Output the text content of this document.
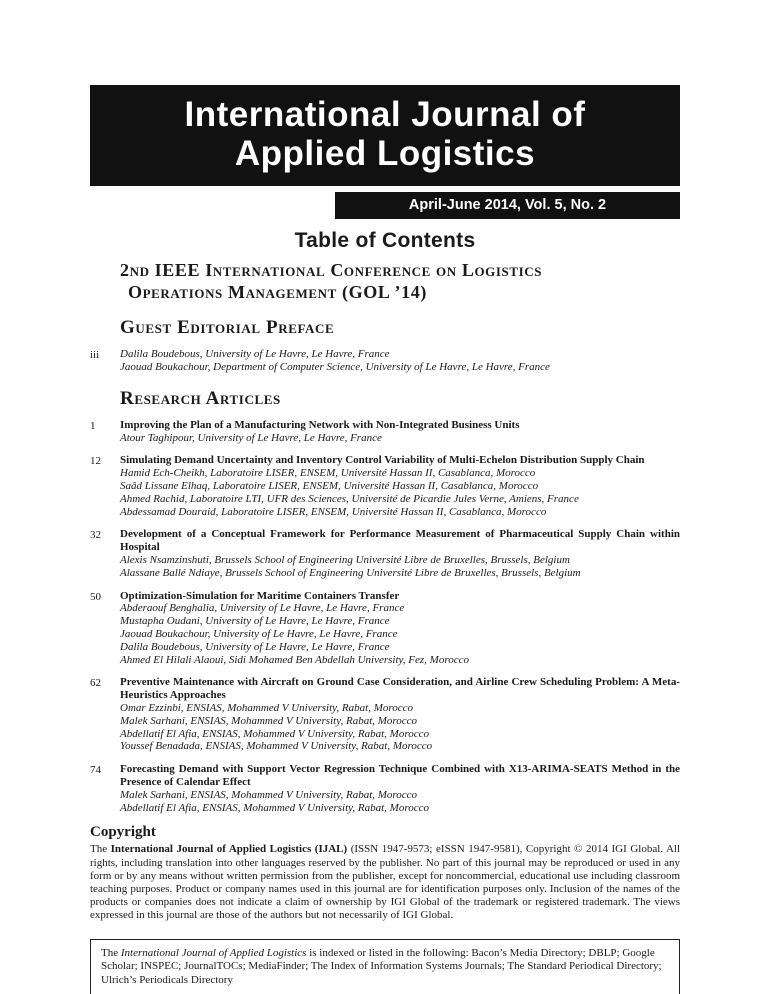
International Journal of
Applied Logistics
April-June 2014, Vol. 5, No. 2
Table of Contents
2nd IEEE International Conference on Logistics
Operations Management (GOL ’14)
Guest Editorial Preface
iii	Dalila Boudebous, University of Le Havre, Le Havre, France
Jaouad Boukachour, Department of Computer Science, University of Le Havre, Le Havre, France
Research Articles
1	Improving the Plan of a Manufacturing Network with Non-Integrated Business Units
Atour Taghipour, University of Le Havre, Le Havre, France
12	Simulating Demand Uncertainty and Inventory Control Variability of Multi-Echelon Distribution Supply Chain
Hamid Ech-Cheikh, Laboratoire LISER, ENSEM, Université Hassan II, Casablanca, Morocco
Saâd Lissane Elhaq, Laboratoire LISER, ENSEM, Université Hassan II, Casablanca, Morocco
Ahmed Rachid, Laboratoire LTI, UFR des Sciences, Université de Picardie Jules Verne, Amiens, France
Abdessamad Douraid, Laboratoire LISER, ENSEM, Université Hassan II, Casablanca, Morocco
32	Development of a Conceptual Framework for Performance Measurement of Pharmaceutical Supply Chain within Hospital
Alexis Nsamzinshuti, Brussels School of Engineering Université Libre de Bruxelles, Brussels, Belgium
Alassane Ballé Ndiaye, Brussels School of Engineering Université Libre de Bruxelles, Brussels, Belgium
50	Optimization-Simulation for Maritime Containers Transfer
Abderaouf Benghalia, University of Le Havre, Le Havre, France
Mustapha Oudani, University of Le Havre, Le Havre, France
Jaouad Boukachour, University of Le Havre, Le Havre, France
Dalila Boudebous, University of Le Havre, Le Havre, France
Ahmed El Hilali Alaoui, Sidi Mohamed Ben Abdellah University, Fez, Morocco
62	Preventive Maintenance with Aircraft on Ground Case Consideration, and Airline Crew Scheduling Problem: A Meta-Heuristics Approaches
Omar Ezzinbi, ENSIAS, Mohammed V University, Rabat, Morocco
Malek Sarhani, ENSIAS, Mohammed V University, Rabat, Morocco
Abdellatif El Afia, ENSIAS, Mohammed V University, Rabat, Morocco
Youssef Benadada, ENSIAS, Mohammed V University, Rabat, Morocco
74	Forecasting Demand with Support Vector Regression Technique Combined with X13-ARIMA-SEATS Method in the Presence of Calendar Effect
Malek Sarhani, ENSIAS, Mohammed V University, Rabat, Morocco
Abdellatif El Afia, ENSIAS, Mohammed V University, Rabat, Morocco
Copyright

The International Journal of Applied Logistics (IJAL) (ISSN 1947-9573; eISSN 1947-9581), Copyright © 2014 IGI Global. All rights, including translation into other languages reserved by the publisher. No part of this journal may be reproduced or used in any form or by any means without written permission from the publisher, except for noncommercial, educational use including classroom teaching purposes. Product or company names used in this journal are for identification purposes only. Inclusion of the names of the products or companies does not indicate a claim of ownership by IGI Global of the trademark or registered trademark. The views expressed in this journal are those of the authors but not necessarily of IGI Global.

The International Journal of Applied Logistics is indexed or listed in the following: Bacon’s Media Directory; DBLP; Google Scholar; INSPEC; JournalTOCs; MediaFinder; The Index of Information Systems Journals; The Standard Periodical Directory; Ulrich’s Periodicals Directory
